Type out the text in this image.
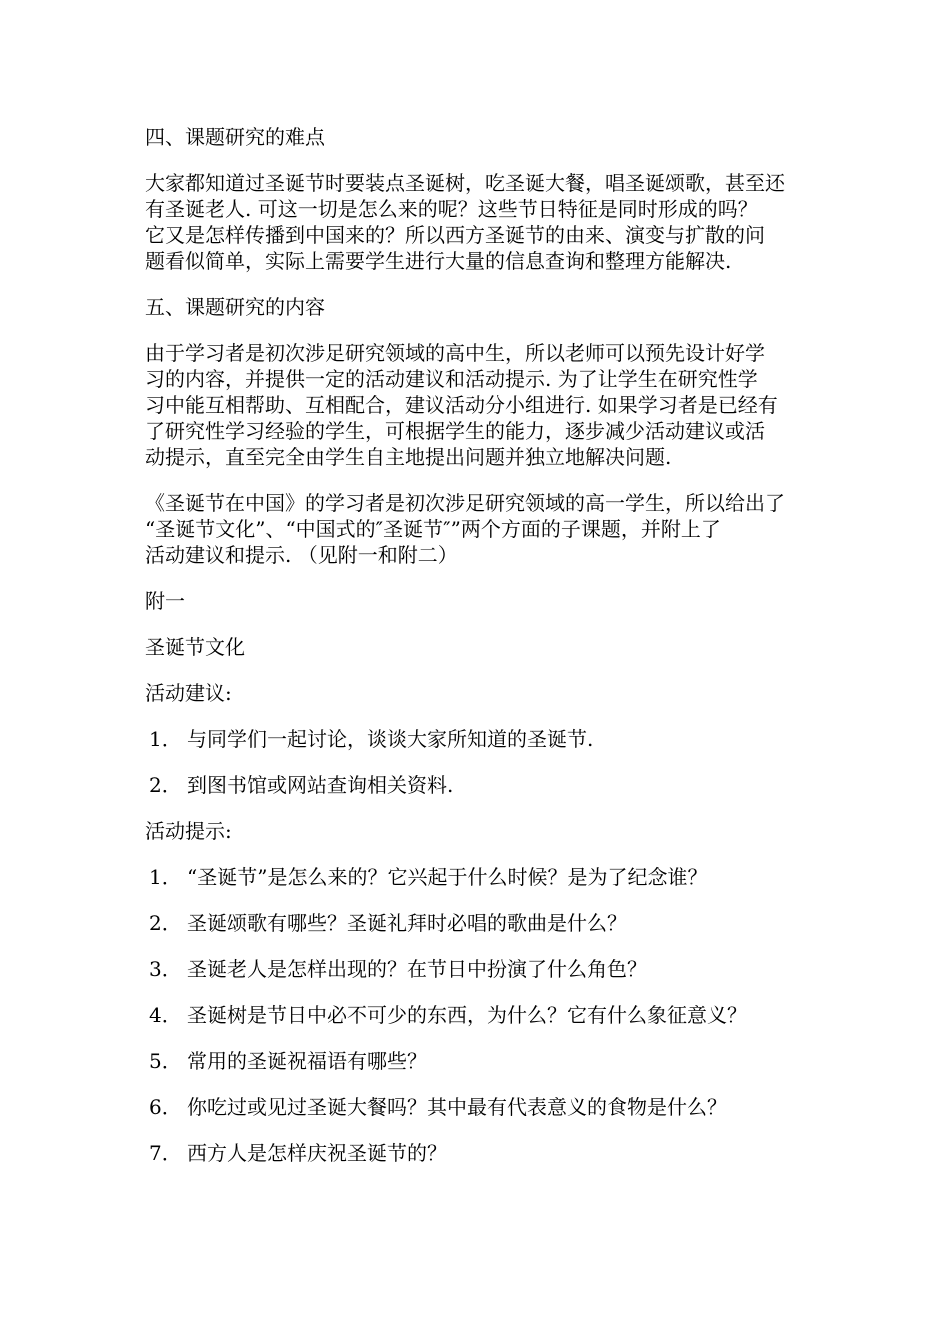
四、课题研究的难点
大家都知道过圣诞节时要装点圣诞树，吃圣诞大餐，唱圣诞颂歌，甚至还
有圣诞老人. 可这一切是怎么来的呢？这些节日特征是同时形成的吗？
它又是怎样传播到中国来的？所以西方圣诞节的由来、演变与扩散的问
题看似简单，实际上需要学生进行大量的信息查询和整理方能解决.
五、课题研究的内容
由于学习者是初次涉足研究领域的高中生，所以老师可以预先设计好学
习的内容，并提供一定的活动建议和活动提示. 为了让学生在研究性学
习中能互相帮助、互相配合，建议活动分小组进行. 如果学习者是已经有
了研究性学习经验的学生，可根据学生的能力，逐步减少活动建议或活
动提示，直至完全由学生自主地提出问题并独立地解决问题.
《圣诞节在中国》的学习者是初次涉足研究领域的高一学生，所以给出了
“圣诞节文化”、“中国式的″圣诞节″”两个方面的子课题，并附上了
活动建议和提示. （见附一和附二）
附一
圣诞节文化
活动建议:
1． 与同学们一起讨论，谈谈大家所知道的圣诞节.
2． 到图书馆或网站查询相关资料.
活动提示:
1． “圣诞节”是怎么来的？它兴起于什么时候？是为了纪念谁？
2． 圣诞颂歌有哪些？圣诞礼拜时必唱的歌曲是什么？
3． 圣诞老人是怎样出现的？在节日中扮演了什么角色？
4． 圣诞树是节日中必不可少的东西，为什么？它有什么象征意义？
5． 常用的圣诞祝福语有哪些？
6． 你吃过或见过圣诞大餐吗？其中最有代表意义的食物是什么？
7． 西方人是怎样庆祝圣诞节的？
